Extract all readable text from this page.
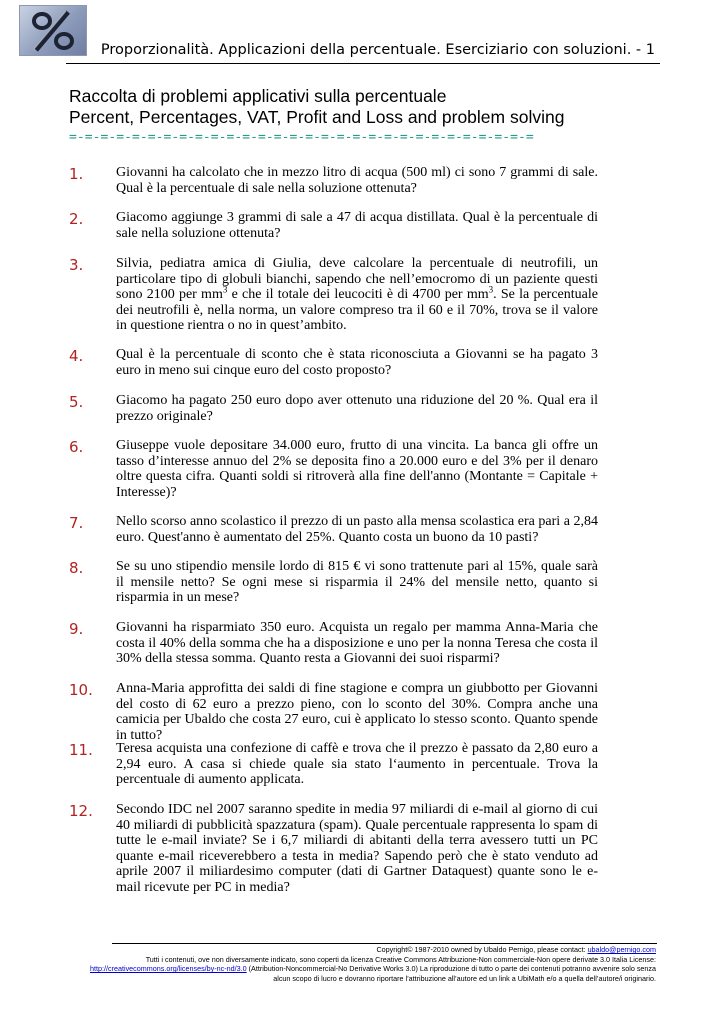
Proporzionalità. Applicazioni della percentuale. Eserciziario con soluzioni. - 1
Raccolta di problemi applicativi sulla percentuale
Percent, Percentages, VAT, Profit and Loss and problem solving
=-=-=-=-=-=-=-=-=-=-=-=-=-=-=-=-=-=-=-=-=-=-=-=-=-=-=-=-=-=
1. Giovanni ha calcolato che in mezzo litro di acqua (500 ml) ci sono 7 grammi di sale. Qual è la percentuale di sale nella soluzione ottenuta?
2. Giacomo aggiunge 3 grammi di sale a 47 di acqua distillata. Qual è la percentuale di sale nella soluzione ottenuta?
3. Silvia, pediatra amica di Giulia, deve calcolare la percentuale di neutrofili, un particolare tipo di globuli bianchi, sapendo che nell’emocromo di un paziente questi sono 2100 per $mm^3$ e che il totale dei leucociti è di 4700 per $mm^3$. Se la percentuale dei neutrofili è, nella norma, un valore compreso tra il 60 e il 70%, trova se il valore in questione rientra o no in quest’ambito.
4. Qual è la percentuale di sconto che è stata riconosciuta a Giovanni se ha pagato 3 euro in meno sui cinque euro del costo proposto?
5. Giacomo ha pagato 250 euro dopo aver ottenuto una riduzione del 20 %. Qual era il prezzo originale?
6. Giuseppe vuole depositare 34.000 euro, frutto di una vincita. La banca gli offre un tasso d’interesse annuo del 2% se deposita fino a 20.000 euro e del 3% per il denaro oltre questa cifra. Quanti soldi si ritroverà alla fine dell'anno (Montante = Capitale + Interesse)?
7. Nello scorso anno scolastico il prezzo di un pasto alla mensa scolastica era pari a 2,84 euro. Quest'anno è aumentato del 25%. Quanto costa un buono da 10 pasti?
8. Se su uno stipendio mensile lordo di 815 € vi sono trattenute pari al 15%, quale sarà il mensile netto? Se ogni mese si risparmia il 24% del mensile netto, quanto si risparmia in un mese?
9. Giovanni ha risparmiato 350 euro. Acquista un regalo per mamma Anna-Maria che costa il 40% della somma che ha a disposizione e uno per la nonna Teresa che costa il 30% della stessa somma. Quanto resta a Giovanni dei suoi risparmi?
10. Anna-Maria approfitta dei saldi di fine stagione e compra un giubbotto per Giovanni del costo di 62 euro a prezzo pieno, con lo sconto del 30%. Compra anche una camicia per Ubaldo che costa 27 euro, cui è applicato lo stesso sconto. Quanto spende in tutto?
11. Teresa acquista una confezione di caffè e trova che il prezzo è passato da 2,80 euro a 2,94 euro. A casa si chiede quale sia stato l‘aumento in percentuale. Trova la percentuale di aumento applicata.
12. Secondo IDC nel 2007 saranno spedite in media 97 miliardi di e-mail al giorno di cui 40 miliardi di pubblicità spazzatura (spam). Quale percentuale rappresenta lo spam di tutte le e-mail inviate? Se i 6,7 miliardi di abitanti della terra avessero tutti un PC quante e-mail riceverebbero a testa in media? Sapendo però che è stato venduto ad aprile 2007 il miliardesimo computer (dati di Gartner Dataquest) quante sono le e-mail ricevute per PC in media?
Copyright© 1987-2010 owned by Ubaldo Pernigo, please contact: ubaldo@pernigo.com
Tutti i contenuti, ove non diversamente indicato, sono coperti da licenza Creative Commons Attribuzione-Non commerciale-Non opere derivate 3.0 Italia License:
http://creativecommons.org/licenses/by-nc-nd/3.0 (Attribution-Noncommercial-No Derivative Works 3.0) La riproduzione di tutto o parte dei contenuti potranno avvenire solo senza
alcun scopo di lucro e dovranno riportare l’attribuzione all’autore ed un link a UbiMath e/o a quella dell’autore/i originario.
